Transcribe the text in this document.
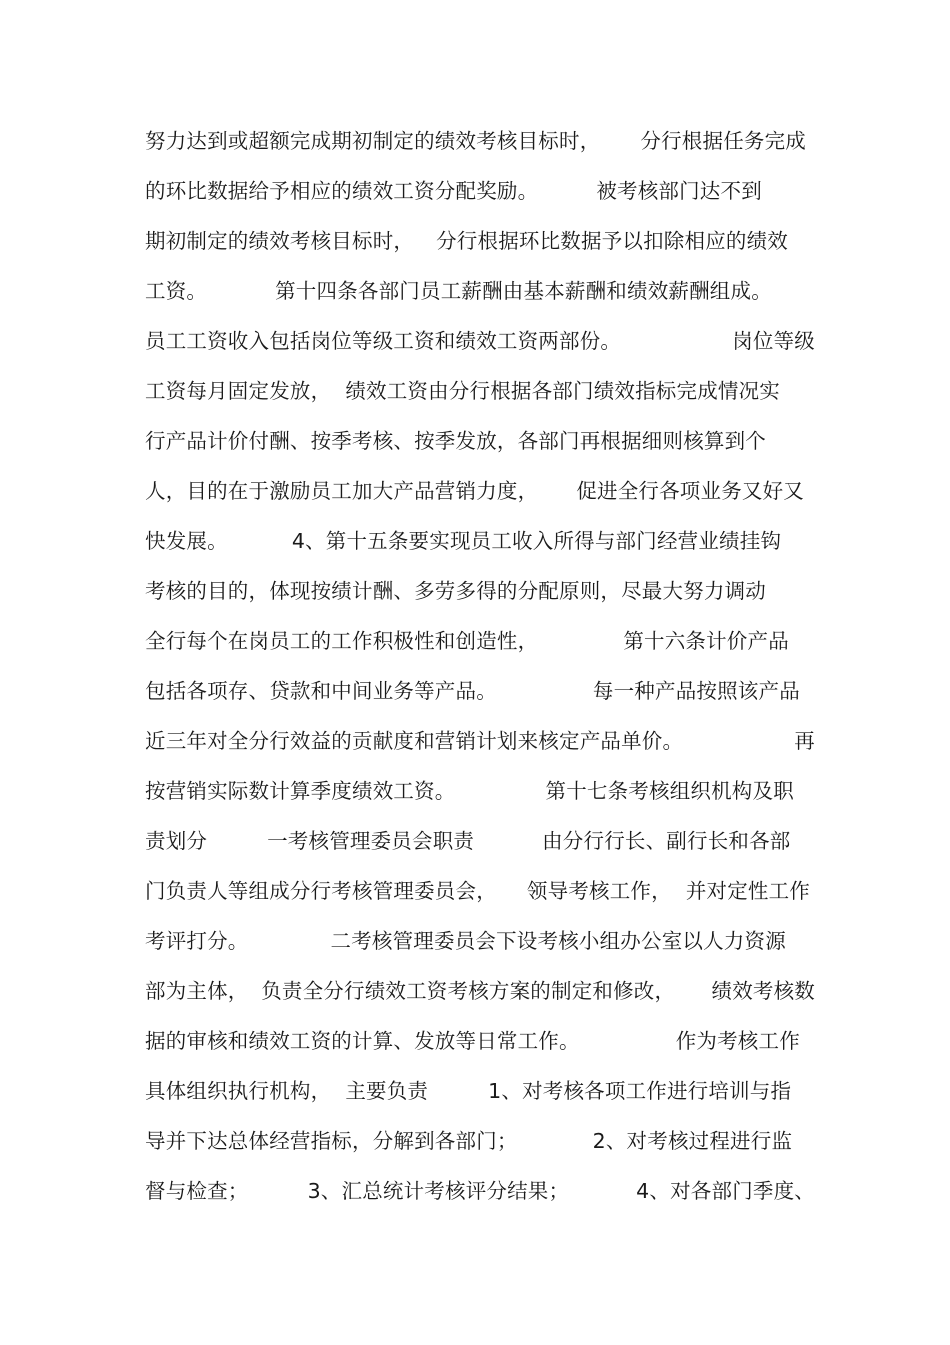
努力达到或超额完成期初制定的绩效考核目标时， 分行根据任务完成
的环比数据给予相应的绩效工资分配奖励。	被考核部门达不到
期初制定的绩效考核目标时， 分行根据环比数据予以扣除相应的绩效
工资。	第十四条各部门员工薪酬由基本薪酬和绩效薪酬组成。
员工工资收入包括岗位等级工资和绩效工资两部份。	岗位等级
工资每月固定发放， 绩效工资由分行根据各部门绩效指标完成情况实
行产品计价付酬、按季考核、按季发放，各部门再根据细则核算到个
人，目的在于激励员工加大产品营销力度， 促进全行各项业务又好又
快发展。	4、第十五条要实现员工收入所得与部门经营业绩挂钩
考核的目的，体现按绩计酬、多劳多得的分配原则，尽最大努力调动
全行每个在岗员工的工作积极性和创造性，	第十六条计价产品
包括各项存、贷款和中间业务等产品。	每一种产品按照该产品
近三年对全分行效益的贡献度和营销计划来核定产品单价。	再
按营销实际数计算季度绩效工资。	第十七条考核组织机构及职
责划分	一考核管理委员会职责	由分行行长、副行长和各部
门负责人等组成分行考核管理委员会， 领导考核工作， 并对定性工作
考评打分。	二考核管理委员会下设考核小组办公室以人力资源
部为主体， 负责全分行绩效工资考核方案的制定和修改， 绩效考核数
据的审核和绩效工资的计算、发放等日常工作。	作为考核工作
具体组织执行机构， 主要负责	1、对考核各项工作进行培训与指
导并下达总体经营指标，分解到各部门；	2、对考核过程进行监
督与检查；	3、汇总统计考核评分结果；	4、对各部门季度、
